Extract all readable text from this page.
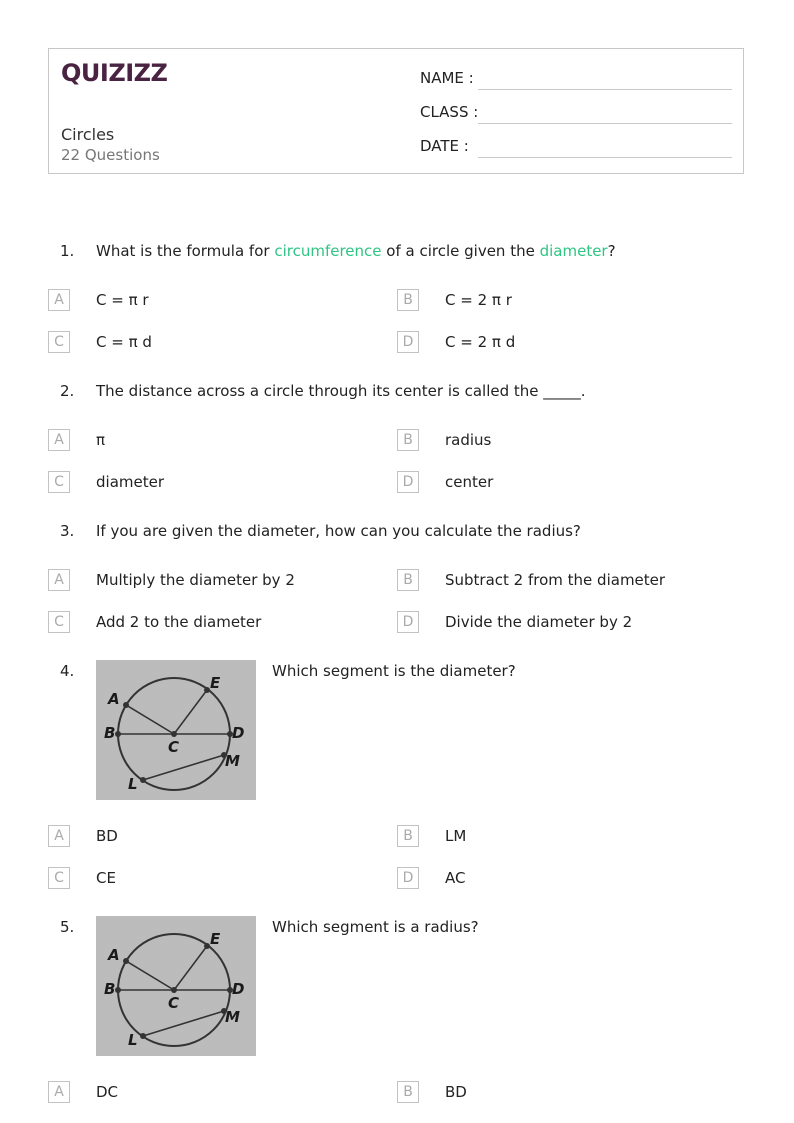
QUIZIZZ
Circles
22 Questions
NAME :
CLASS :
DATE :
1.	What is the formula for circumference of a circle given the diameter?
A	C = π r	B	C = 2 π r
C	C = π d	D	C = 2 π d
2.	The distance across a circle through its center is called the _____.
A	π	B	radius
C	diameter	D	center
3.	If you are given the diameter, how can you calculate the radius?
A	Multiply the diameter by 2	B	Subtract 2 from the diameter
C	Add 2 to the diameter	D	Divide the diameter by 2
4.
A
E
B
C
D
M
L
Which segment is the diameter?
A	BD	B	LM
C	CE	D	AC
5.
A
E
B
C
D
M
L
Which segment is a radius?
A	DC	B	BD
